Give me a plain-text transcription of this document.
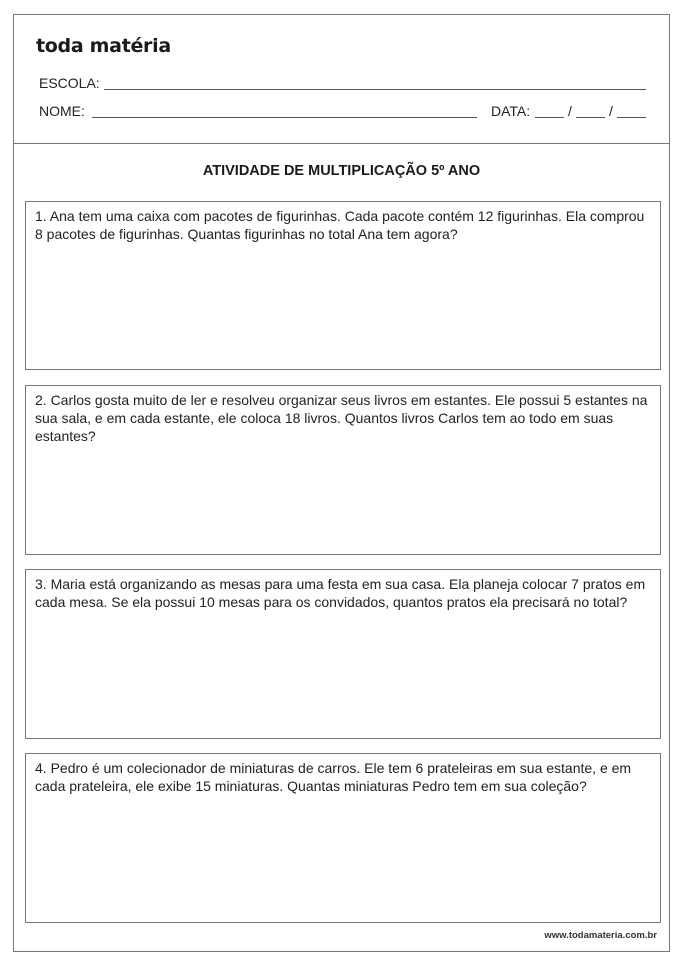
toda matéria
ESCOLA:
NOME:	DATA:	/	/
ATIVIDADE DE MULTIPLICAÇÃO 5º ANO
1. Ana tem uma caixa com pacotes de figurinhas. Cada pacote contém 12 figurinhas. Ela comprou 8 pacotes de figurinhas. Quantas figurinhas no total Ana tem agora?
2. Carlos gosta muito de ler e resolveu organizar seus livros em estantes. Ele possui 5 estantes na sua sala, e em cada estante, ele coloca 18 livros. Quantos livros Carlos tem ao todo em suas estantes?
3. Maria está organizando as mesas para uma festa em sua casa. Ela planeja colocar 7 pratos em cada mesa. Se ela possui 10 mesas para os convidados, quantos pratos ela precisará no total?
4. Pedro é um colecionador de miniaturas de carros. Ele tem 6 prateleiras em sua estante, e em cada prateleira, ele exibe 15 miniaturas. Quantas miniaturas Pedro tem em sua coleção?
www.todamateria.com.br
